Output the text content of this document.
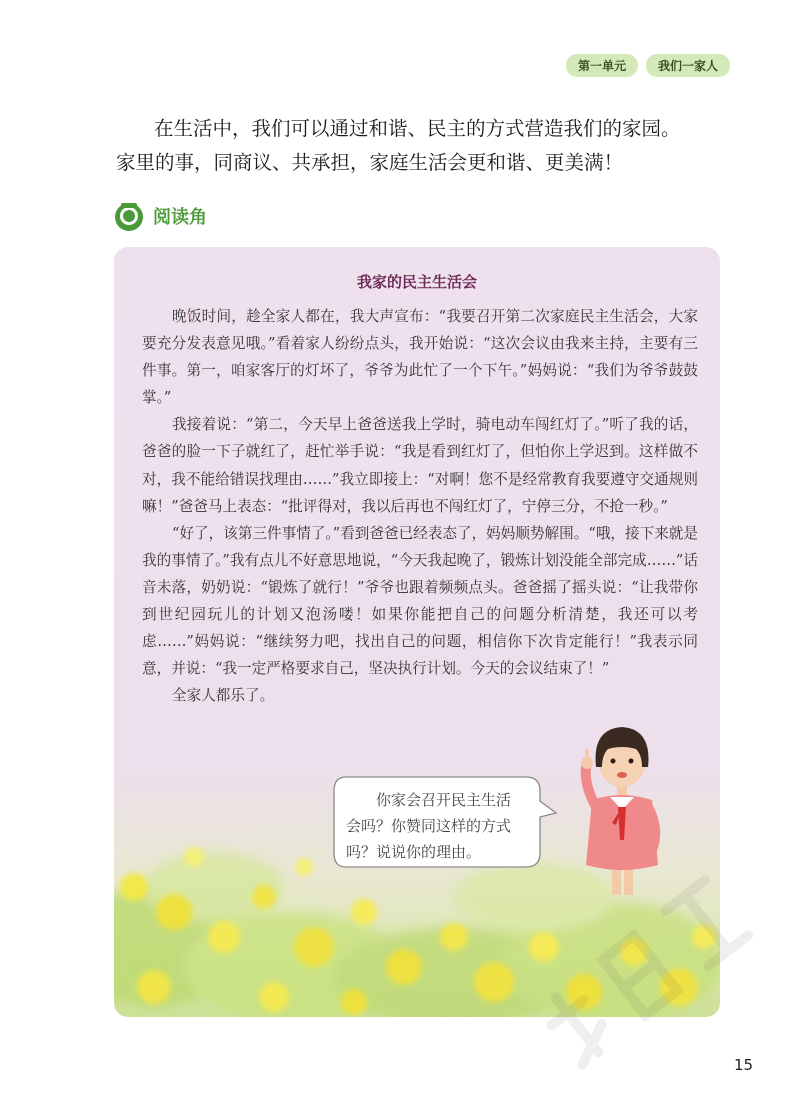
第一单元	我们一家人

在生活中，我们可以通过和谐、民主的方式营造我们的家园。

家里的事，同商议、共承担，家庭生活会更和谐、更美满！

阅读角
我家的民主生活会

晚饭时间，趁全家人都在，我大声宣布：“我要召开第二次家庭民主生活会，大家要充分发表意见哦。”看着家人纷纷点头，我开始说：“这次会议由我来主持，主要有三件事。第一，咱家客厅的灯坏了，爷爷为此忙了一个下午。”妈妈说：“我们为爷爷鼓鼓掌。”

我接着说：“第二，今天早上爸爸送我上学时，骑电动车闯红灯了。”听了我的话，爸爸的脸一下子就红了，赶忙举手说：“我是看到红灯了，但怕你上学迟到。这样做不对，我不能给错误找理由……”我立即接上：“对啊！您不是经常教育我要遵守交通规则嘛！”爸爸马上表态：“批评得对，我以后再也不闯红灯了，宁停三分，不抢一秒。”

“好了，该第三件事情了。”看到爸爸已经表态了，妈妈顺势解围。“哦，接下来就是我的事情了。”我有点儿不好意思地说，“今天我起晚了，锻炼计划没能全部完成……”话音未落，奶奶说：“锻炼了就行！”爷爷也跟着频频点头。爸爸摇了摇头说：“让我带你到世纪园玩儿的计划又泡汤喽！如果你能把自己的问题分析清楚，我还可以考虑……”妈妈说：“继续努力吧，找出自己的问题，相信你下次肯定能行！”我表示同意，并说：“我一定严格要求自己，坚决执行计划。今天的会议结束了！”

全家人都乐了。

你家会召开民主生活
会吗？你赞同这样的方式
吗？说说你的理由。
15
